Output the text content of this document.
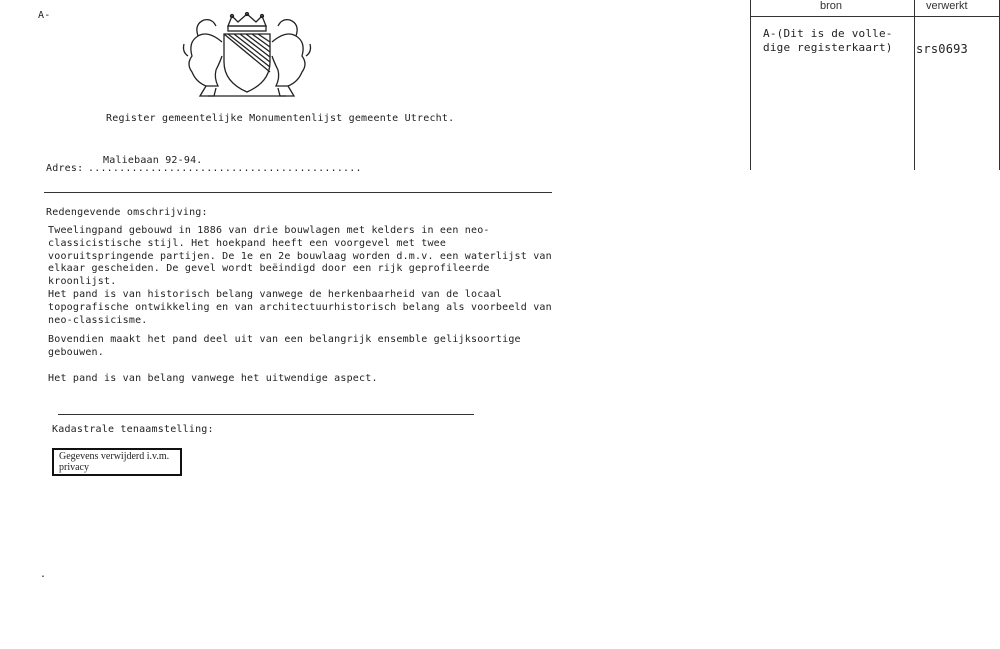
A-
Register gemeentelijke Monumentenlijst gemeente Utrecht.
Maliebaan 92-94.
Adres: ............................................
Redengevende omschrijving:
Tweelingpand gebouwd in 1886 van drie bouwlagen met kelders in een neo-
classicistische stijl. Het hoekpand heeft een voorgevel met twee
vooruitspringende partijen. De 1e en 2e bouwlaag worden d.m.v. een waterlijst van
elkaar gescheiden. De gevel wordt beëindigd door een rijk geprofileerde
kroonlijst.
Het pand is van historisch belang vanwege de herkenbaarheid van de locaal
topografische ontwikkeling en van architectuurhistorisch belang als voorbeeld van
neo-classicisme.
Bovendien maakt het pand deel uit van een belangrijk ensemble gelijksoortige
gebouwen.
Het pand is van belang vanwege het uitwendige aspect.
Kadastrale tenaamstelling:
Gegevens verwijderd i.v.m. privacy
bron	verwerkt
A-(Dit is de volle-
dige registerkaart)	srs0693
.
